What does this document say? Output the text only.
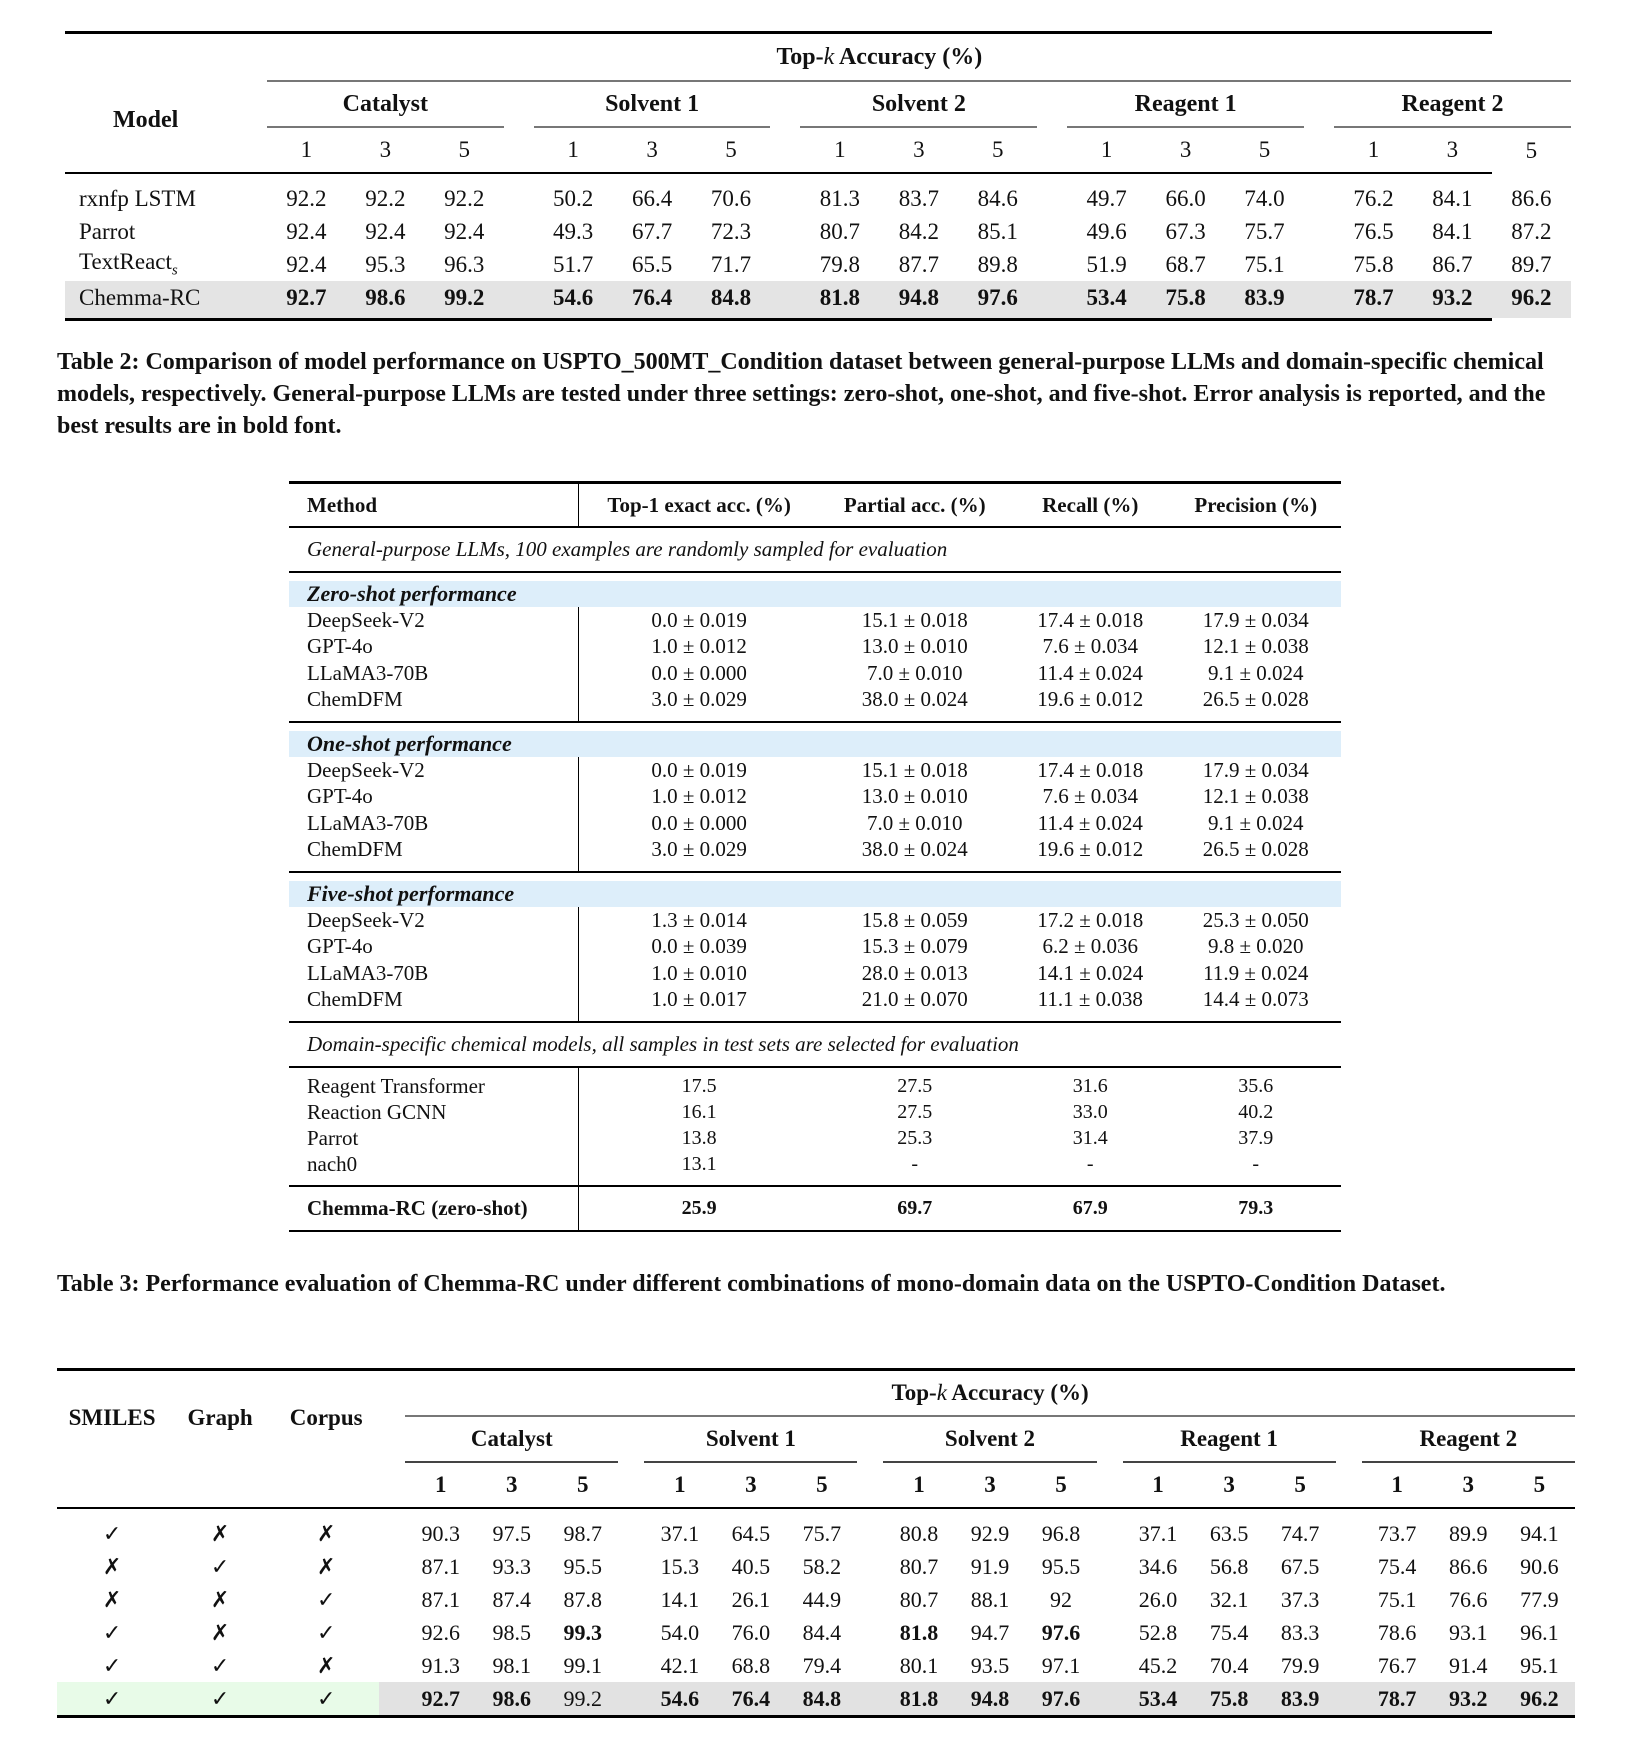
Model		Top-k Accuracy (%)																		
	Catalyst				Solvent 1				Solvent 2				Reagent 1				Reagent 2		
	1	3	5		1	3	5		1	3	5		1	3	5		1	3	5

rxnfp LSTM		92.2	92.2	92.2		50.2	66.4	70.6		81.3	83.7	84.6		49.7	66.0	74.0		76.2	84.1	86.6
Parrot		92.4	92.4	92.4		49.3	67.7	72.3		80.7	84.2	85.1		49.6	67.3	75.7		76.5	84.1	87.2
TextReact$_s$		92.4	95.3	96.3		51.7	65.5	71.7		79.8	87.7	89.8		51.9	68.7	75.1		75.8	86.7	89.7
Chemma-RC		92.7	98.6	99.2		54.6	76.4	84.8		81.8	94.8	97.6		53.4	75.8	83.9		78.7	93.2	96.2

Table 2: Comparison of model performance on USPTO_500MT_Condition dataset between general-purpose LLMs and domain-specific chemical models, respectively. General-purpose LLMs are tested under three settings: zero-shot, one-shot, and five-shot. Error analysis is reported, and the best results are in bold font.

Method	Top-1 exact acc. (%)	Partial acc. (%)	Recall (%)	Precision (%)

General-purpose LLMs, 100 examples are randomly sampled for evaluation				

Zero-shot performance				
DeepSeek-V2	0.0 ± 0.019	15.1 ± 0.018	17.4 ± 0.018	17.9 ± 0.034
GPT-4o	1.0 ± 0.012	13.0 ± 0.010	7.6 ± 0.034	12.1 ± 0.038
LLaMA3-70B	0.0 ± 0.000	7.0 ± 0.010	11.4 ± 0.024	9.1 ± 0.024
ChemDFM	3.0 ± 0.029	38.0 ± 0.024	19.6 ± 0.012	26.5 ± 0.028

One-shot performance				
DeepSeek-V2	0.0 ± 0.019	15.1 ± 0.018	17.4 ± 0.018	17.9 ± 0.034
GPT-4o	1.0 ± 0.012	13.0 ± 0.010	7.6 ± 0.034	12.1 ± 0.038
LLaMA3-70B	0.0 ± 0.000	7.0 ± 0.010	11.4 ± 0.024	9.1 ± 0.024
ChemDFM	3.0 ± 0.029	38.0 ± 0.024	19.6 ± 0.012	26.5 ± 0.028

Five-shot performance				
DeepSeek-V2	1.3 ± 0.014	15.8 ± 0.059	17.2 ± 0.018	25.3 ± 0.050
GPT-4o	0.0 ± 0.039	15.3 ± 0.079	6.2 ± 0.036	9.8 ± 0.020
LLaMA3-70B	1.0 ± 0.010	28.0 ± 0.013	14.1 ± 0.024	11.9 ± 0.024
ChemDFM	1.0 ± 0.017	21.0 ± 0.070	11.1 ± 0.038	14.4 ± 0.073

Domain-specific chemical models, all samples in test sets are selected for evaluation				

Reagent Transformer	17.5	27.5	31.6	35.6
Reaction GCNN	16.1	27.5	33.0	40.2
Parrot	13.8	25.3	31.4	37.9
nach0	13.1	-	-	-

Chemma-RC (zero-shot)	25.9	69.7	67.9	79.3

Table 3: Performance evaluation of Chemma-RC under different combinations of mono-domain data on the USPTO-Condition Dataset.

SMILES	Graph	Corpus		Top-k Accuracy (%)																		
				Catalyst				Solvent 1				Solvent 2				Reagent 1				Reagent 2		
				1	3	5		1	3	5		1	3	5		1	3	5		1	3	5

✓	✗	✗		90.3	97.5	98.7		37.1	64.5	75.7		80.8	92.9	96.8		37.1	63.5	74.7		73.7	89.9	94.1
✗	✓	✗		87.1	93.3	95.5		15.3	40.5	58.2		80.7	91.9	95.5		34.6	56.8	67.5		75.4	86.6	90.6
✗	✗	✓		87.1	87.4	87.8		14.1	26.1	44.9		80.7	88.1	92		26.0	32.1	37.3		75.1	76.6	77.9
✓	✗	✓		92.6	98.5	99.3		54.0	76.0	84.4		81.8	94.7	97.6		52.8	75.4	83.3		78.6	93.1	96.1
✓	✓	✗		91.3	98.1	99.1		42.1	68.8	79.4		80.1	93.5	97.1		45.2	70.4	79.9		76.7	91.4	95.1
✓	✓	✓		92.7	98.6	99.2		54.6	76.4	84.8		81.8	94.8	97.6		53.4	75.8	83.9		78.7	93.2	96.2
